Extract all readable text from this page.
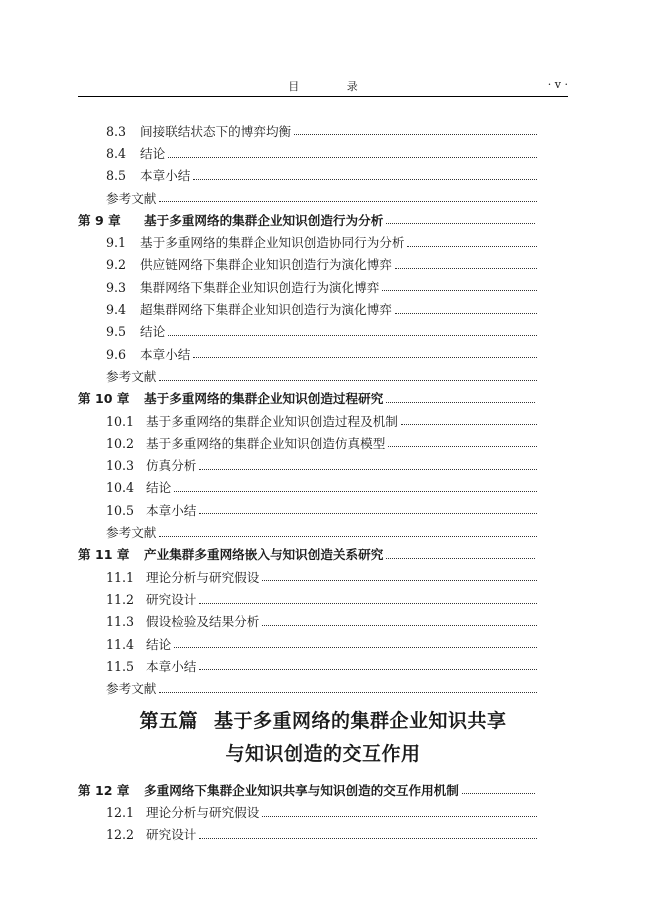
目 录	· v ·
8.3	间接联结状态下的博弈均衡
8.4	结论
8.5	本章小结
参考文献
第 9 章	基于多重网络的集群企业知识创造行为分析
9.1	基于多重网络的集群企业知识创造协同行为分析
9.2	供应链网络下集群企业知识创造行为演化博弈
9.3	集群网络下集群企业知识创造行为演化博弈
9.4	超集群网络下集群企业知识创造行为演化博弈
9.5	结论
9.6	本章小结
参考文献
第 10 章	基于多重网络的集群企业知识创造过程研究
10.1 基于多重网络的集群企业知识创造过程及机制
10.2 基于多重网络的集群企业知识创造仿真模型
10.3 仿真分析
10.4 结论
10.5 本章小结
参考文献
第 11 章	产业集群多重网络嵌入与知识创造关系研究
11.1 理论分析与研究假设
11.2 研究设计
11.3 假设检验及结果分析
11.4 结论
11.5 本章小结
参考文献
第五篇 基于多重网络的集群企业知识共享
与知识创造的交互作用
第 12 章	多重网络下集群企业知识共享与知识创造的交互作用机制
12.1 理论分析与研究假设
12.2 研究设计
